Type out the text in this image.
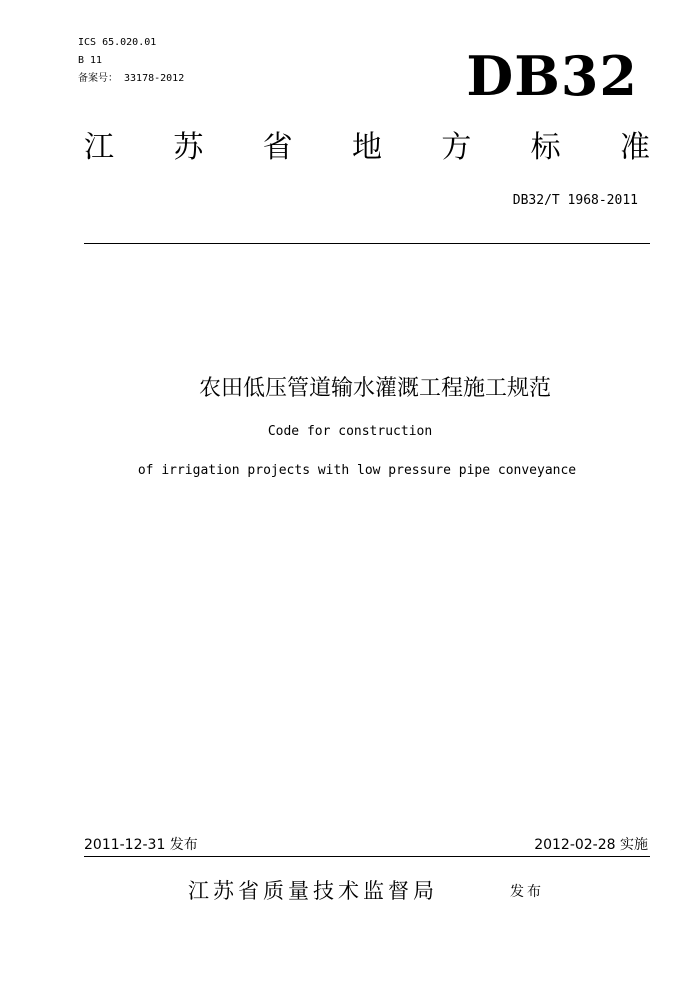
ICS 65.020.01
B 11
备案号： 33178-2012	DB32
江 苏 省 地 方 标 准
DB32/T 1968-2011
农田低压管道输水灌溉工程施工规范
Code for construction
of irrigation projects with low pressure pipe conveyance
2011-12-31 发布	2012-02-28 实施
江苏省质量技术监督局	发布
